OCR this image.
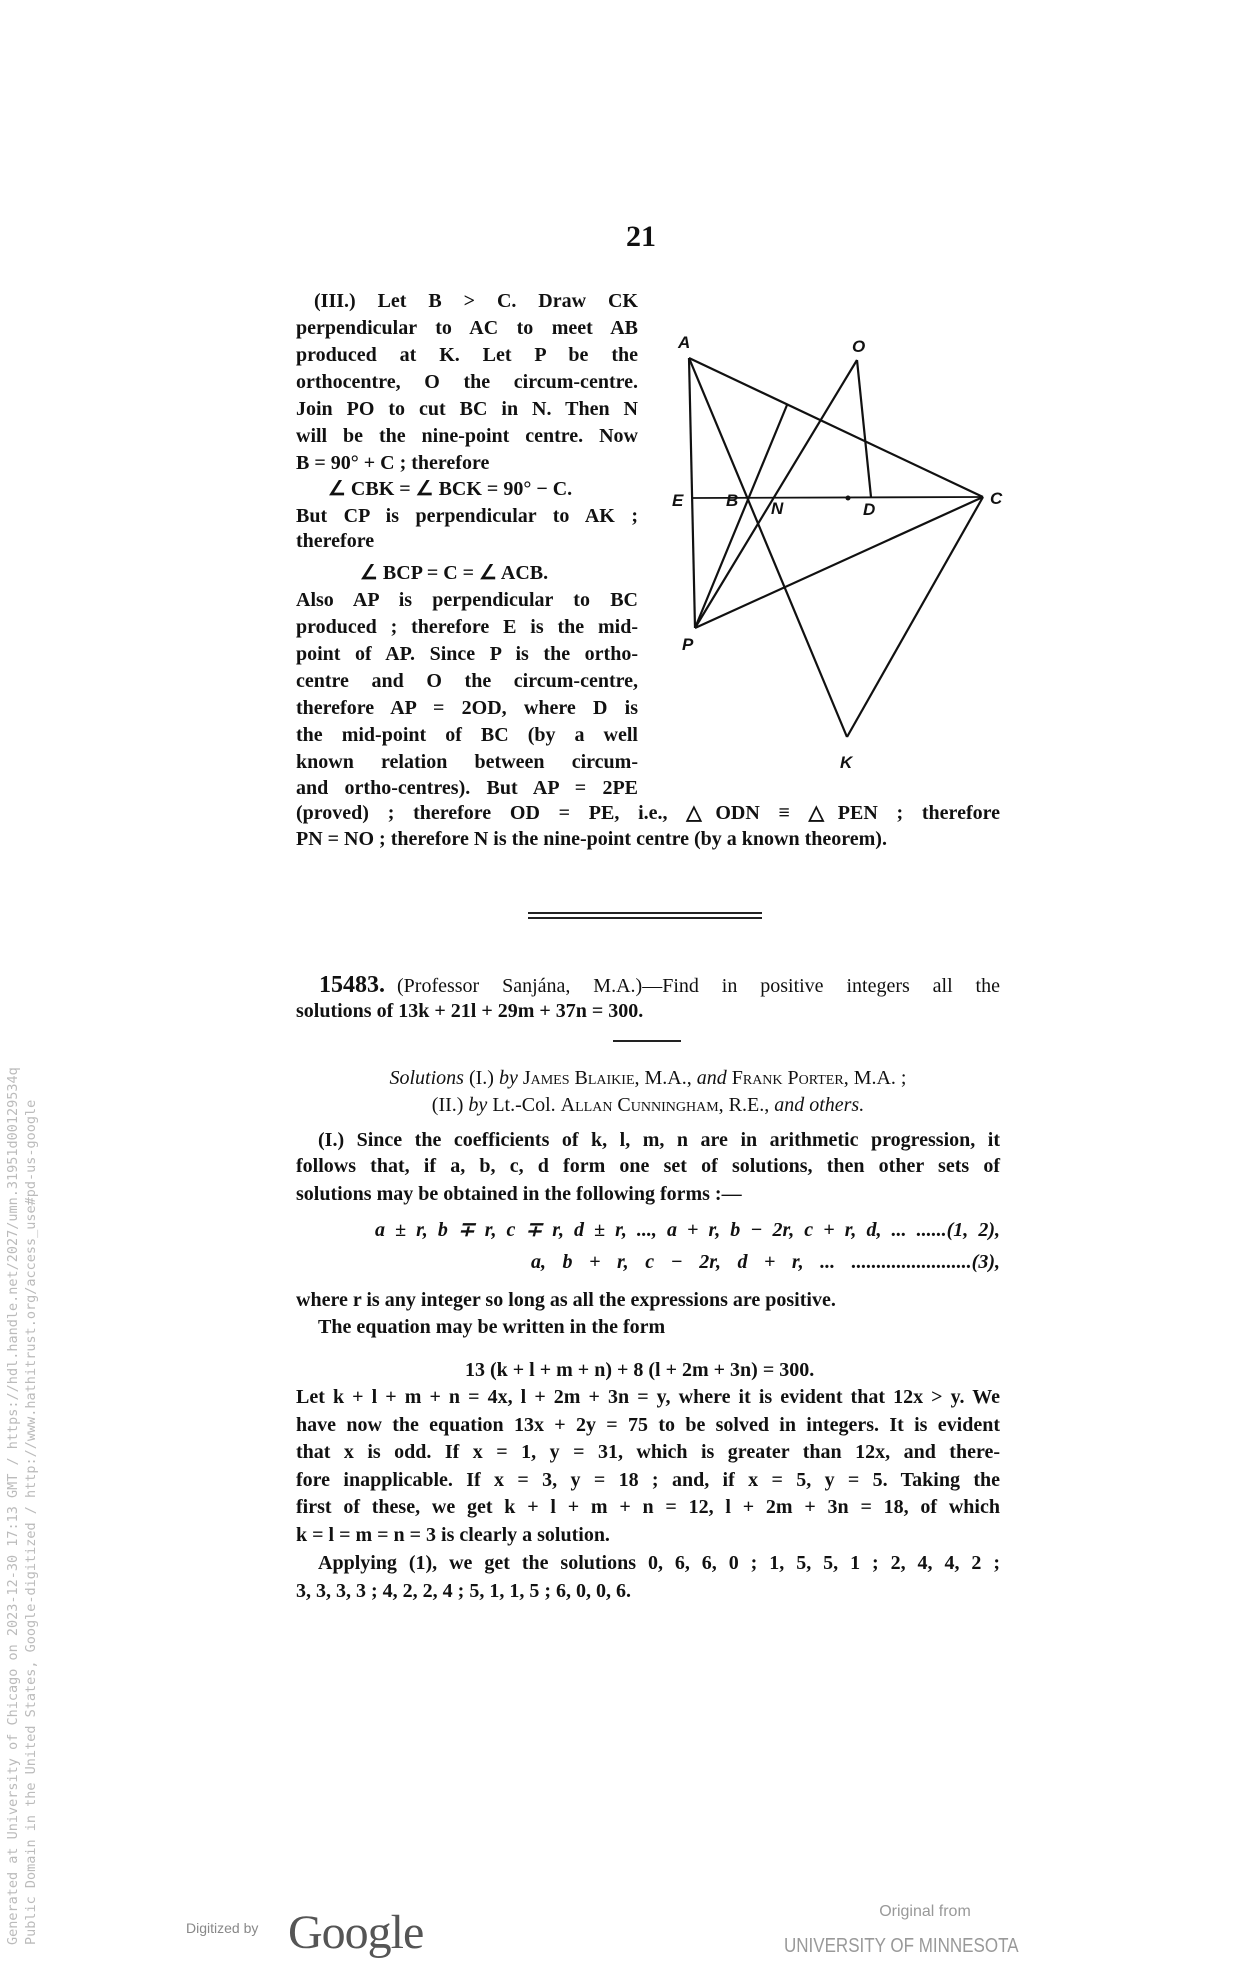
21
(III.) Let B > C. Draw CK
perpendicular to AC to meet AB
produced at K. Let P be the
orthocentre, O the circum-centre.
Join PO to cut BC in N. Then N
will be the nine-point centre. Now
B = 90° + C ; therefore
∠ CBK = ∠ BCK = 90° − C.
But CP is perpendicular to AK ;
therefore
∠ BCP = C = ∠ ACB.
Also AP is perpendicular to BC
produced ; therefore E is the mid-
point of AP. Since P is the ortho-
centre and O the circum-centre,
therefore AP = 2OD, where D is
the mid-point of BC (by a well
known relation between circum-
and ortho-centres). But AP = 2PE
(proved) ; therefore OD = PE, i.e., △ODN ≡ △PEN ; therefore
PN = NO ; therefore N is the nine-point centre (by a known theorem).
A	O
E	B N	D
C
P
K
15483. (Professor Sanjána, M.A.)—Find in positive integers all the
solutions of 13k + 21l + 29m + 37n = 300.
Solutions (I.) by James Blaikie, M.A., and Frank Porter, M.A. ;
(II.) by Lt.-Col. Allan Cunningham, R.E., and others.
(I.) Since the coefficients of k, l, m, n are in arithmetic progression, it
follows that, if a, b, c, d form one set of solutions, then other sets of
solutions may be obtained in the following forms :—
a ± r, b ∓ r, c ∓ r, d ± r, ..., a + r, b − 2r, c + r, d, ... ......(1, 2),
a, b + r, c − 2r, d + r, ... ........................(3),
where r is any integer so long as all the expressions are positive.
The equation may be written in the form
13 (k + l + m + n) + 8 (l + 2m + 3n) = 300.
Let k + l + m + n = 4x, l + 2m + 3n = y, where it is evident that 12x > y. We
have now the equation 13x + 2y = 75 to be solved in integers. It is evident
that x is odd. If x = 1, y = 31, which is greater than 12x, and there-
fore inapplicable. If x = 3, y = 18 ; and, if x = 5, y = 5. Taking the
first of these, we get k + l + m + n = 12, l + 2m + 3n = 18, of which
k = l = m = n = 3 is clearly a solution.
Applying (1), we get the solutions 0, 6, 6, 0 ; 1, 5, 5, 1 ; 2, 4, 4, 2 ;
3, 3, 3, 3 ; 4, 2, 2, 4 ; 5, 1, 1, 5 ; 6, 0, 0, 6.
Generated at University of Chicago on 2023-12-30 17:13 GMT / https://hdl.handle.net/2027/umn.31951d00129534q Public Domain in the United States, Google-digitized / http://www.hathitrust.org/access_use#pd-us-google	Digitized by Google	Original from
UNIVERSITY OF MINNESOTA
